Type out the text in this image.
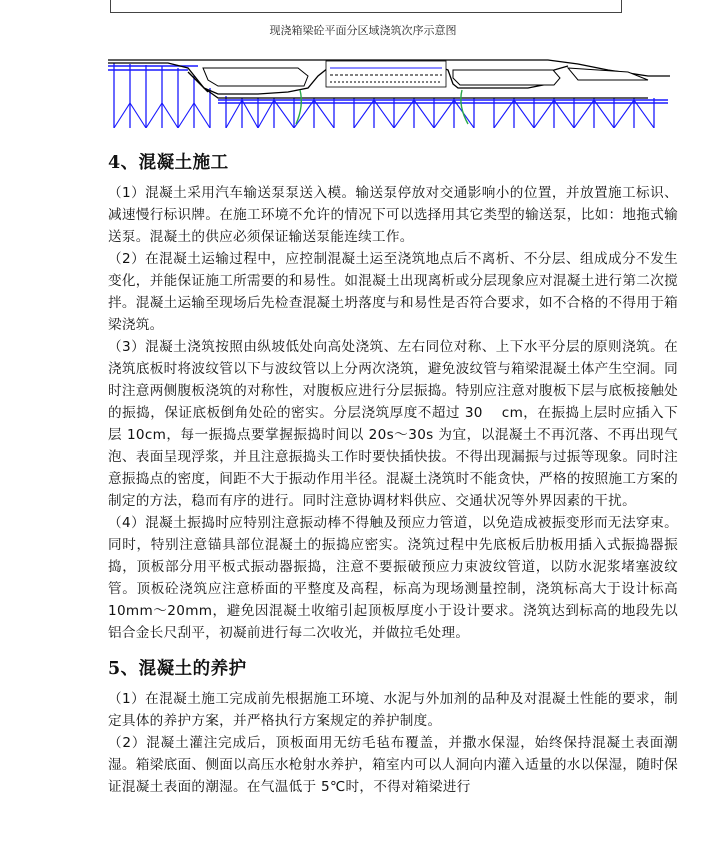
现浇箱梁砼平面分区域浇筑次序示意图
4、混凝土施工

（1）混凝土采用汽车输送泵泵送入模。输送泵停放对交通影响小的位置，并放置施工标识、减速慢行标识牌。在施工环境不允许的情况下可以选择用其它类型的输送泵，比如：地拖式输送泵。混凝土的供应必须保证输送泵能连续工作。

（2）在混凝土运输过程中，应控制混凝土运至浇筑地点后不离析、不分层、组成成分不发生变化，并能保证施工所需要的和易性。如混凝土出现离析或分层现象应对混凝土进行第二次搅拌。混凝土运输至现场后先检查混凝土坍落度与和易性是否符合要求，如不合格的不得用于箱梁浇筑。

（3）混凝土浇筑按照由纵坡低处向高处浇筑、左右同位对称、上下水平分层的原则浇筑。在浇筑底板时将波纹管以下与波纹管以上分两次浇筑，避免波纹管与箱梁混凝土体产生空洞。同时注意两侧腹板浇筑的对称性，对腹板应进行分层振捣。特别应注意对腹板下层与底板接触处的振捣，保证底板倒角处砼的密实。分层浇筑厚度不超过 30　 cm，在振捣上层时应插入下层 10cm，每一振捣点要掌握振捣时间以 20s～30s 为宜，以混凝土不再沉落、不再出现气泡、表面呈现浮浆，并且注意振捣头工作时要快插快拔。不得出现漏振与过振等现象。同时注意振捣点的密度，间距不大于振动作用半径。混凝土浇筑时不能贪快，严格的按照施工方案的制定的方法，稳而有序的进行。同时注意协调材料供应、交通状况等外界因素的干扰。

（4）混凝土振捣时应特别注意振动棒不得触及预应力管道，以免造成被振变形而无法穿束。同时，特别注意锚具部位混凝土的振捣应密实。浇筑过程中先底板后肋板用插入式振捣器振捣，顶板部分用平板式振动器振捣，注意不要振破预应力束波纹管道，以防水泥浆堵塞波纹管。顶板砼浇筑应注意桥面的平整度及高程，标高为现场测量控制，浇筑标高大于设计标高 10mm～20mm，避免因混凝土收缩引起顶板厚度小于设计要求。浇筑达到标高的地段先以铝合金长尺刮平，初凝前进行每二次收光，并做拉毛处理。

5、混凝土的养护

（1）在混凝土施工完成前先根据施工环境、水泥与外加剂的品种及对混凝土性能的要求，制定具体的养护方案，并严格执行方案规定的养护制度。

（2）混凝土灌注完成后，顶板面用无纺毛毡布覆盖，并撒水保湿，始终保持混凝土表面潮湿。箱梁底面、侧面以高压水枪射水养护，箱室内可以人洞向内灌入适量的水以保湿，随时保证混凝土表面的潮湿。在气温低于 5℃时，不得对箱梁进行
